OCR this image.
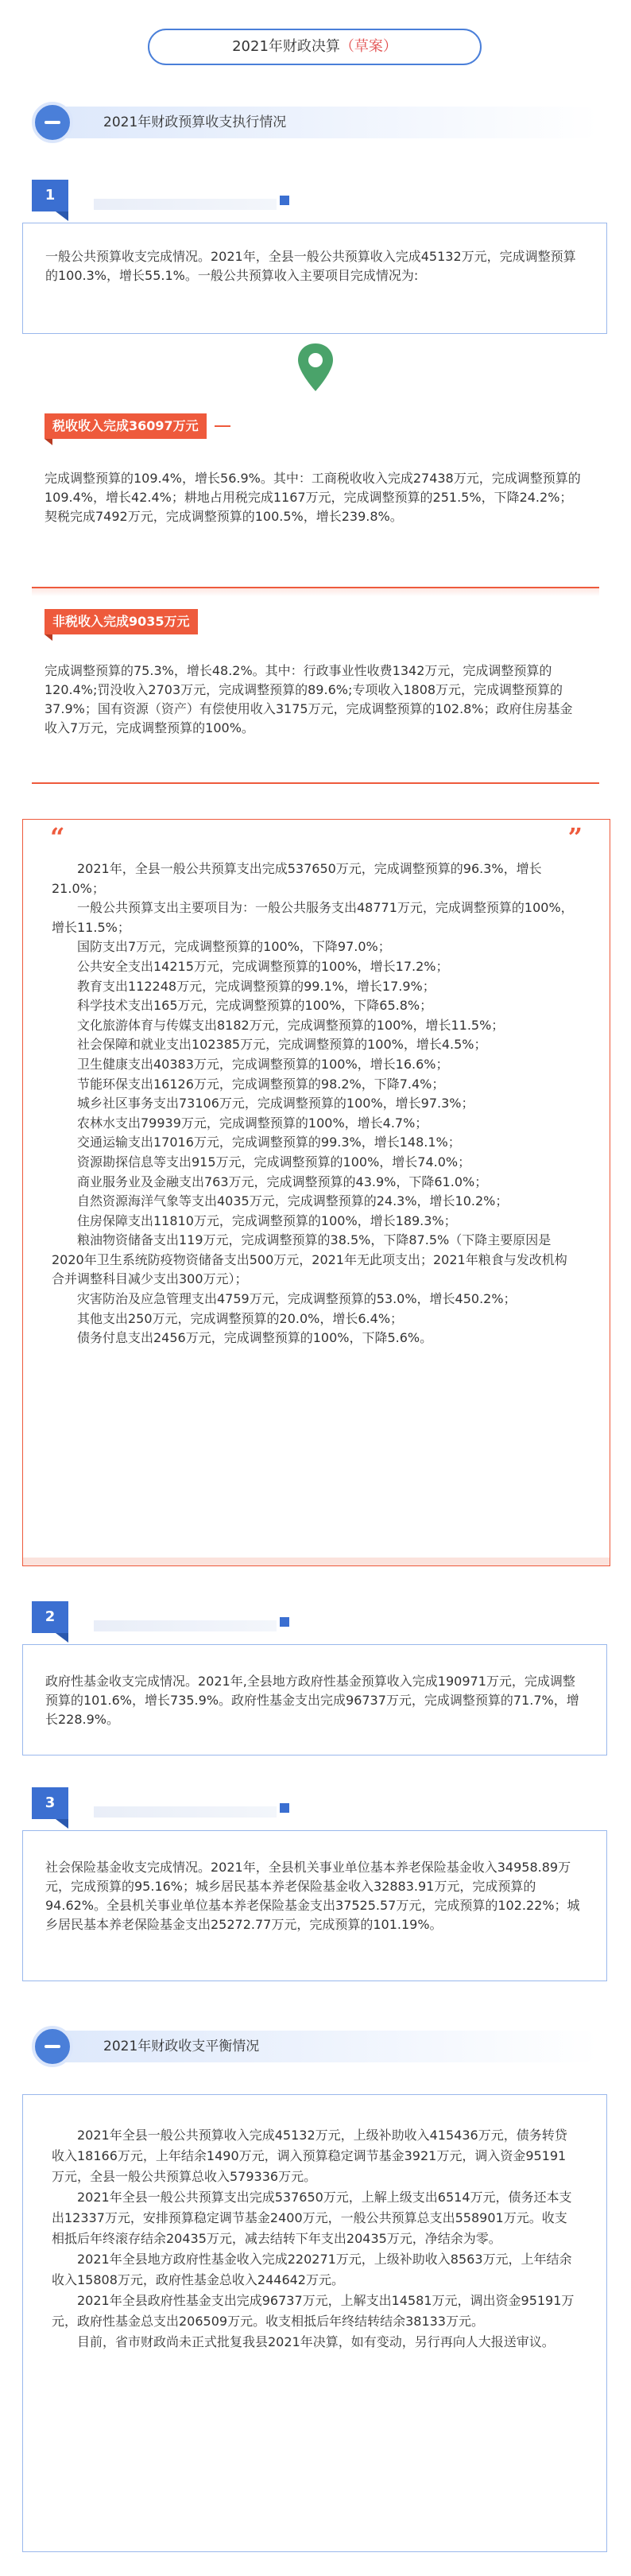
2021年财政决算（草案）
2021年财政预算收支执行情况
1

一般公共预算收支完成情况。2021年，全县一般公共预算收入完成45132万元，完成调整预算的100.3%，增长55.1%。一般公共预算收入主要项目完成情况为:

税收收入完成36097万元

完成调整预算的109.4%，增长56.9%。其中：工商税收收入完成27438万元，完成调整预算的109.4%，增长42.4%；耕地占用税完成1167万元，完成调整预算的251.5%，下降24.2%；契税完成7492万元，完成调整预算的100.5%，增长239.8%。

非税收入完成9035万元

完成调整预算的75.3%，增长48.2%。其中：行政事业性收费1342万元，完成调整预算的120.4%;罚没收入2703万元，完成调整预算的89.6%;专项收入1808万元，完成调整预算的37.9%；国有资源（资产）有偿使用收入3175万元，完成调整预算的102.8%；政府住房基金收入7万元，完成调整预算的100%。

“	”

2021年，全县一般公共预算支出完成537650万元，完成调整预算的96.3%，增长21.0%；

一般公共预算支出主要项目为：一般公共服务支出48771万元，完成调整预算的100%，增长11.5%；

国防支出7万元，完成调整预算的100%，下降97.0%；

公共安全支出14215万元，完成调整预算的100%，增长17.2%；

教育支出112248万元，完成调整预算的99.1%，增长17.9%；

科学技术支出165万元，完成调整预算的100%，下降65.8%；

文化旅游体育与传媒支出8182万元，完成调整预算的100%，增长11.5%；

社会保障和就业支出102385万元，完成调整预算的100%，增长4.5%；

卫生健康支出40383万元，完成调整预算的100%，增长16.6%；

节能环保支出16126万元，完成调整预算的98.2%，下降7.4%；

城乡社区事务支出73106万元，完成调整预算的100%，增长97.3%；

农林水支出79939万元，完成调整预算的100%，增长4.7%；

交通运输支出17016万元，完成调整预算的99.3%，增长148.1%；

资源勘探信息等支出915万元，完成调整预算的100%，增长74.0%；

商业服务业及金融支出763万元，完成调整预算的43.9%，下降61.0%；

自然资源海洋气象等支出4035万元，完成调整预算的24.3%，增长10.2%；

住房保障支出11810万元，完成调整预算的100%，增长189.3%；

粮油物资储备支出119万元，完成调整预算的38.5%，下降87.5%（下降主要原因是2020年卫生系统防疫物资储备支出500万元，2021年无此项支出；2021年粮食与发改机构合并调整科目减少支出300万元）；

灾害防治及应急管理支出4759万元，完成调整预算的53.0%，增长450.2%；

其他支出250万元，完成调整预算的20.0%，增长6.4%；

债务付息支出2456万元，完成调整预算的100%，下降5.6%。

2

政府性基金收支完成情况。2021年,全县地方政府性基金预算收入完成190971万元，完成调整预算的101.6%，增长735.9%。政府性基金支出完成96737万元，完成调整预算的71.7%，增长228.9%。

3

社会保险基金收支完成情况。2021年，全县机关事业单位基本养老保险基金收入34958.89万元，完成预算的95.16%；城乡居民基本养老保险基金收入32883.91万元，完成预算的94.62%。全县机关事业单位基本养老保险基金支出37525.57万元，完成预算的102.22%；城乡居民基本养老保险基金支出25272.77万元，完成预算的101.19%。

2021年财政收支平衡情况

2021年全县一般公共预算收入完成45132万元，上级补助收入415436万元，债务转贷收入18166万元，上年结余1490万元，调入预算稳定调节基金3921万元，调入资金95191万元，全县一般公共预算总收入579336万元。

2021年全县一般公共预算支出完成537650万元，上解上级支出6514万元，债务还本支出12337万元，安排预算稳定调节基金2400万元，一般公共预算总支出558901万元。收支相抵后年终滚存结余20435万元，减去结转下年支出20435万元，净结余为零。

2021年全县地方政府性基金收入完成220271万元，上级补助收入8563万元，上年结余收入15808万元，政府性基金总收入244642万元。

2021年全县政府性基金支出完成96737万元，上解支出14581万元，调出资金95191万元，政府性基金总支出206509万元。收支相抵后年终结转结余38133万元。

目前，省市财政尚未正式批复我县2021年决算，如有变动，另行再向人大报送审议。
